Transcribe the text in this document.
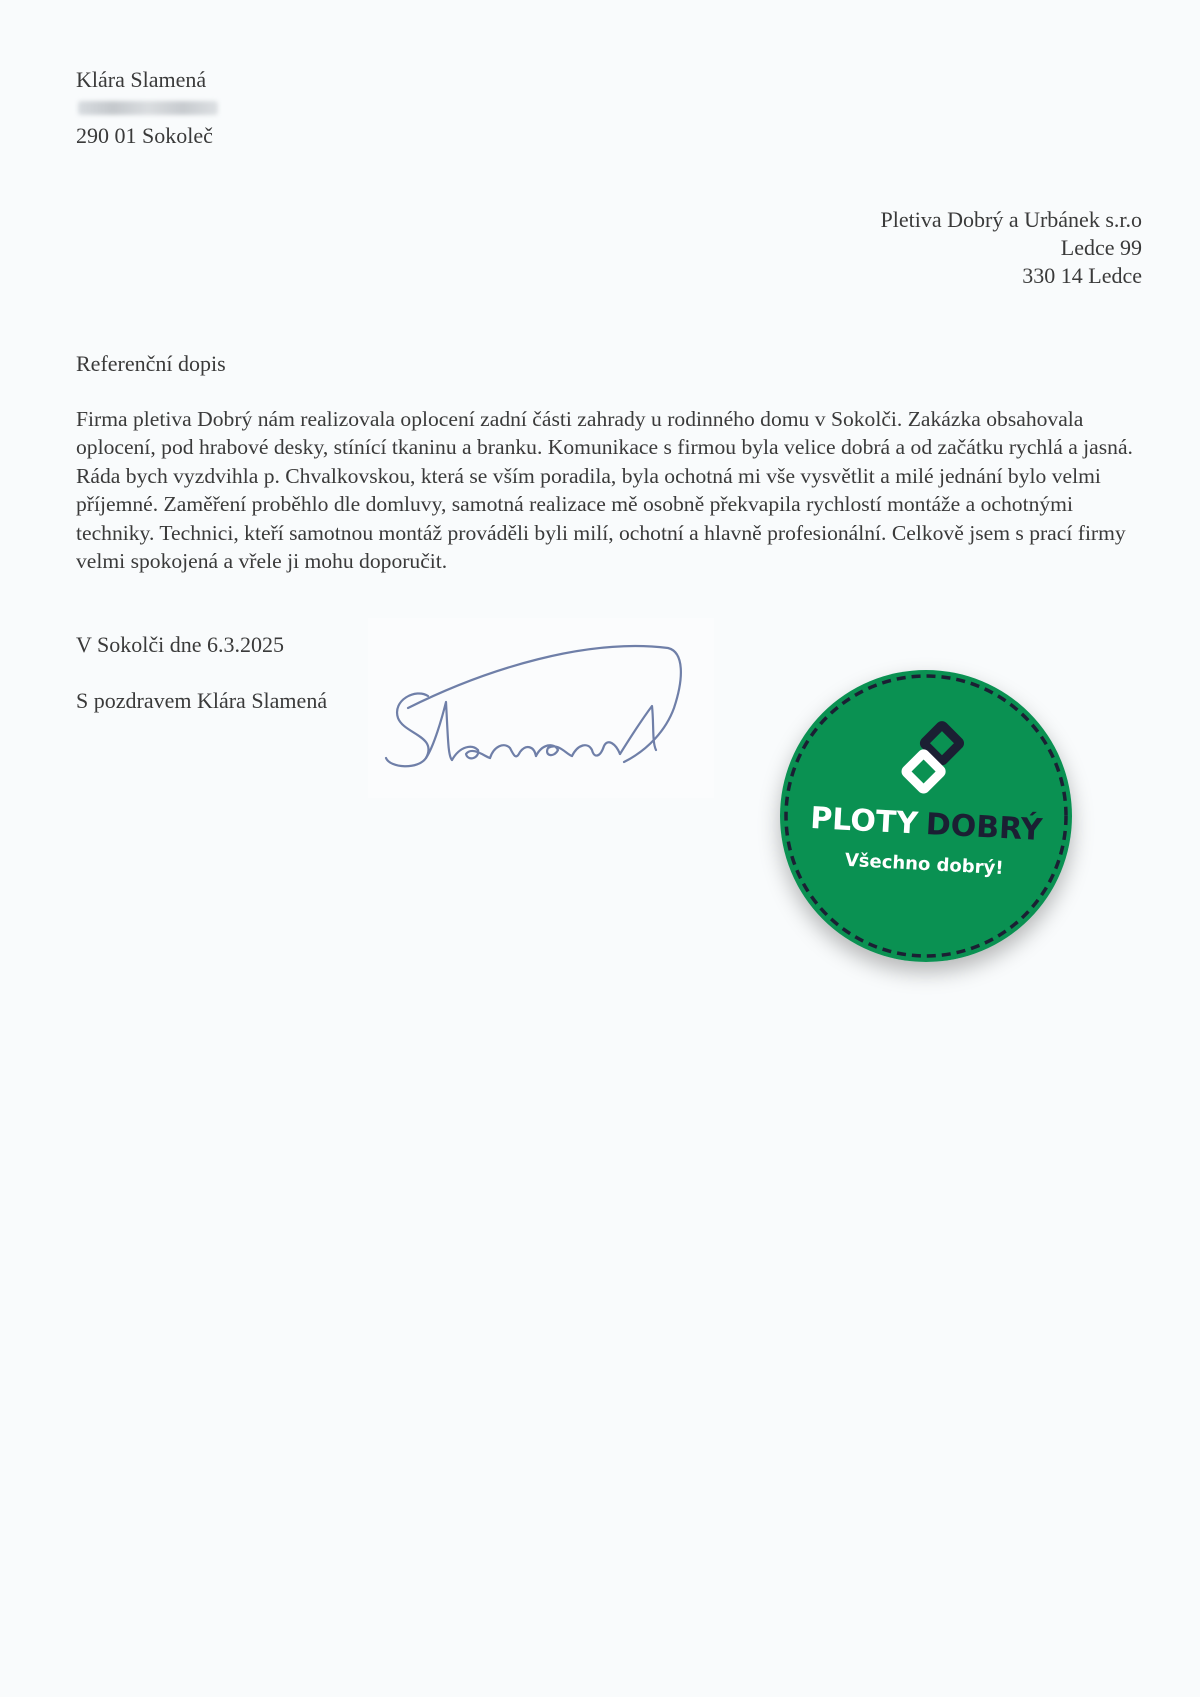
Klára Slamená
290 01 Sokoleč
Pletiva Dobrý a Urbánek s.r.o
Ledce 99
330 14 Ledce
Referenční dopis

Firma pletiva Dobrý nám realizovala oplocení zadní části zahrady u rodinného domu v Sokolči. Zakázka obsahovala oplocení, pod hrabové desky, stínící tkaninu a branku. Komunikace s firmou byla velice dobrá a od začátku rychlá a jasná. Ráda bych vyzdvihla p. Chvalkovskou, která se vším poradila, byla ochotná mi vše vysvětlit a milé jednání bylo velmi příjemné. Zaměření proběhlo dle domluvy, samotná realizace mě osobně překvapila rychlostí montáže a ochotnými techniky. Technici, kteří samotnou montáž prováděli byli milí, ochotní a hlavně profesionální. Celkově jsem s prací firmy velmi spokojená a vřele ji mohu doporučit.

V Sokolči dne 6.3.2025
S pozdravem Klára Slamená
PLOTY DOBRÝ
Všechno dobrý!
